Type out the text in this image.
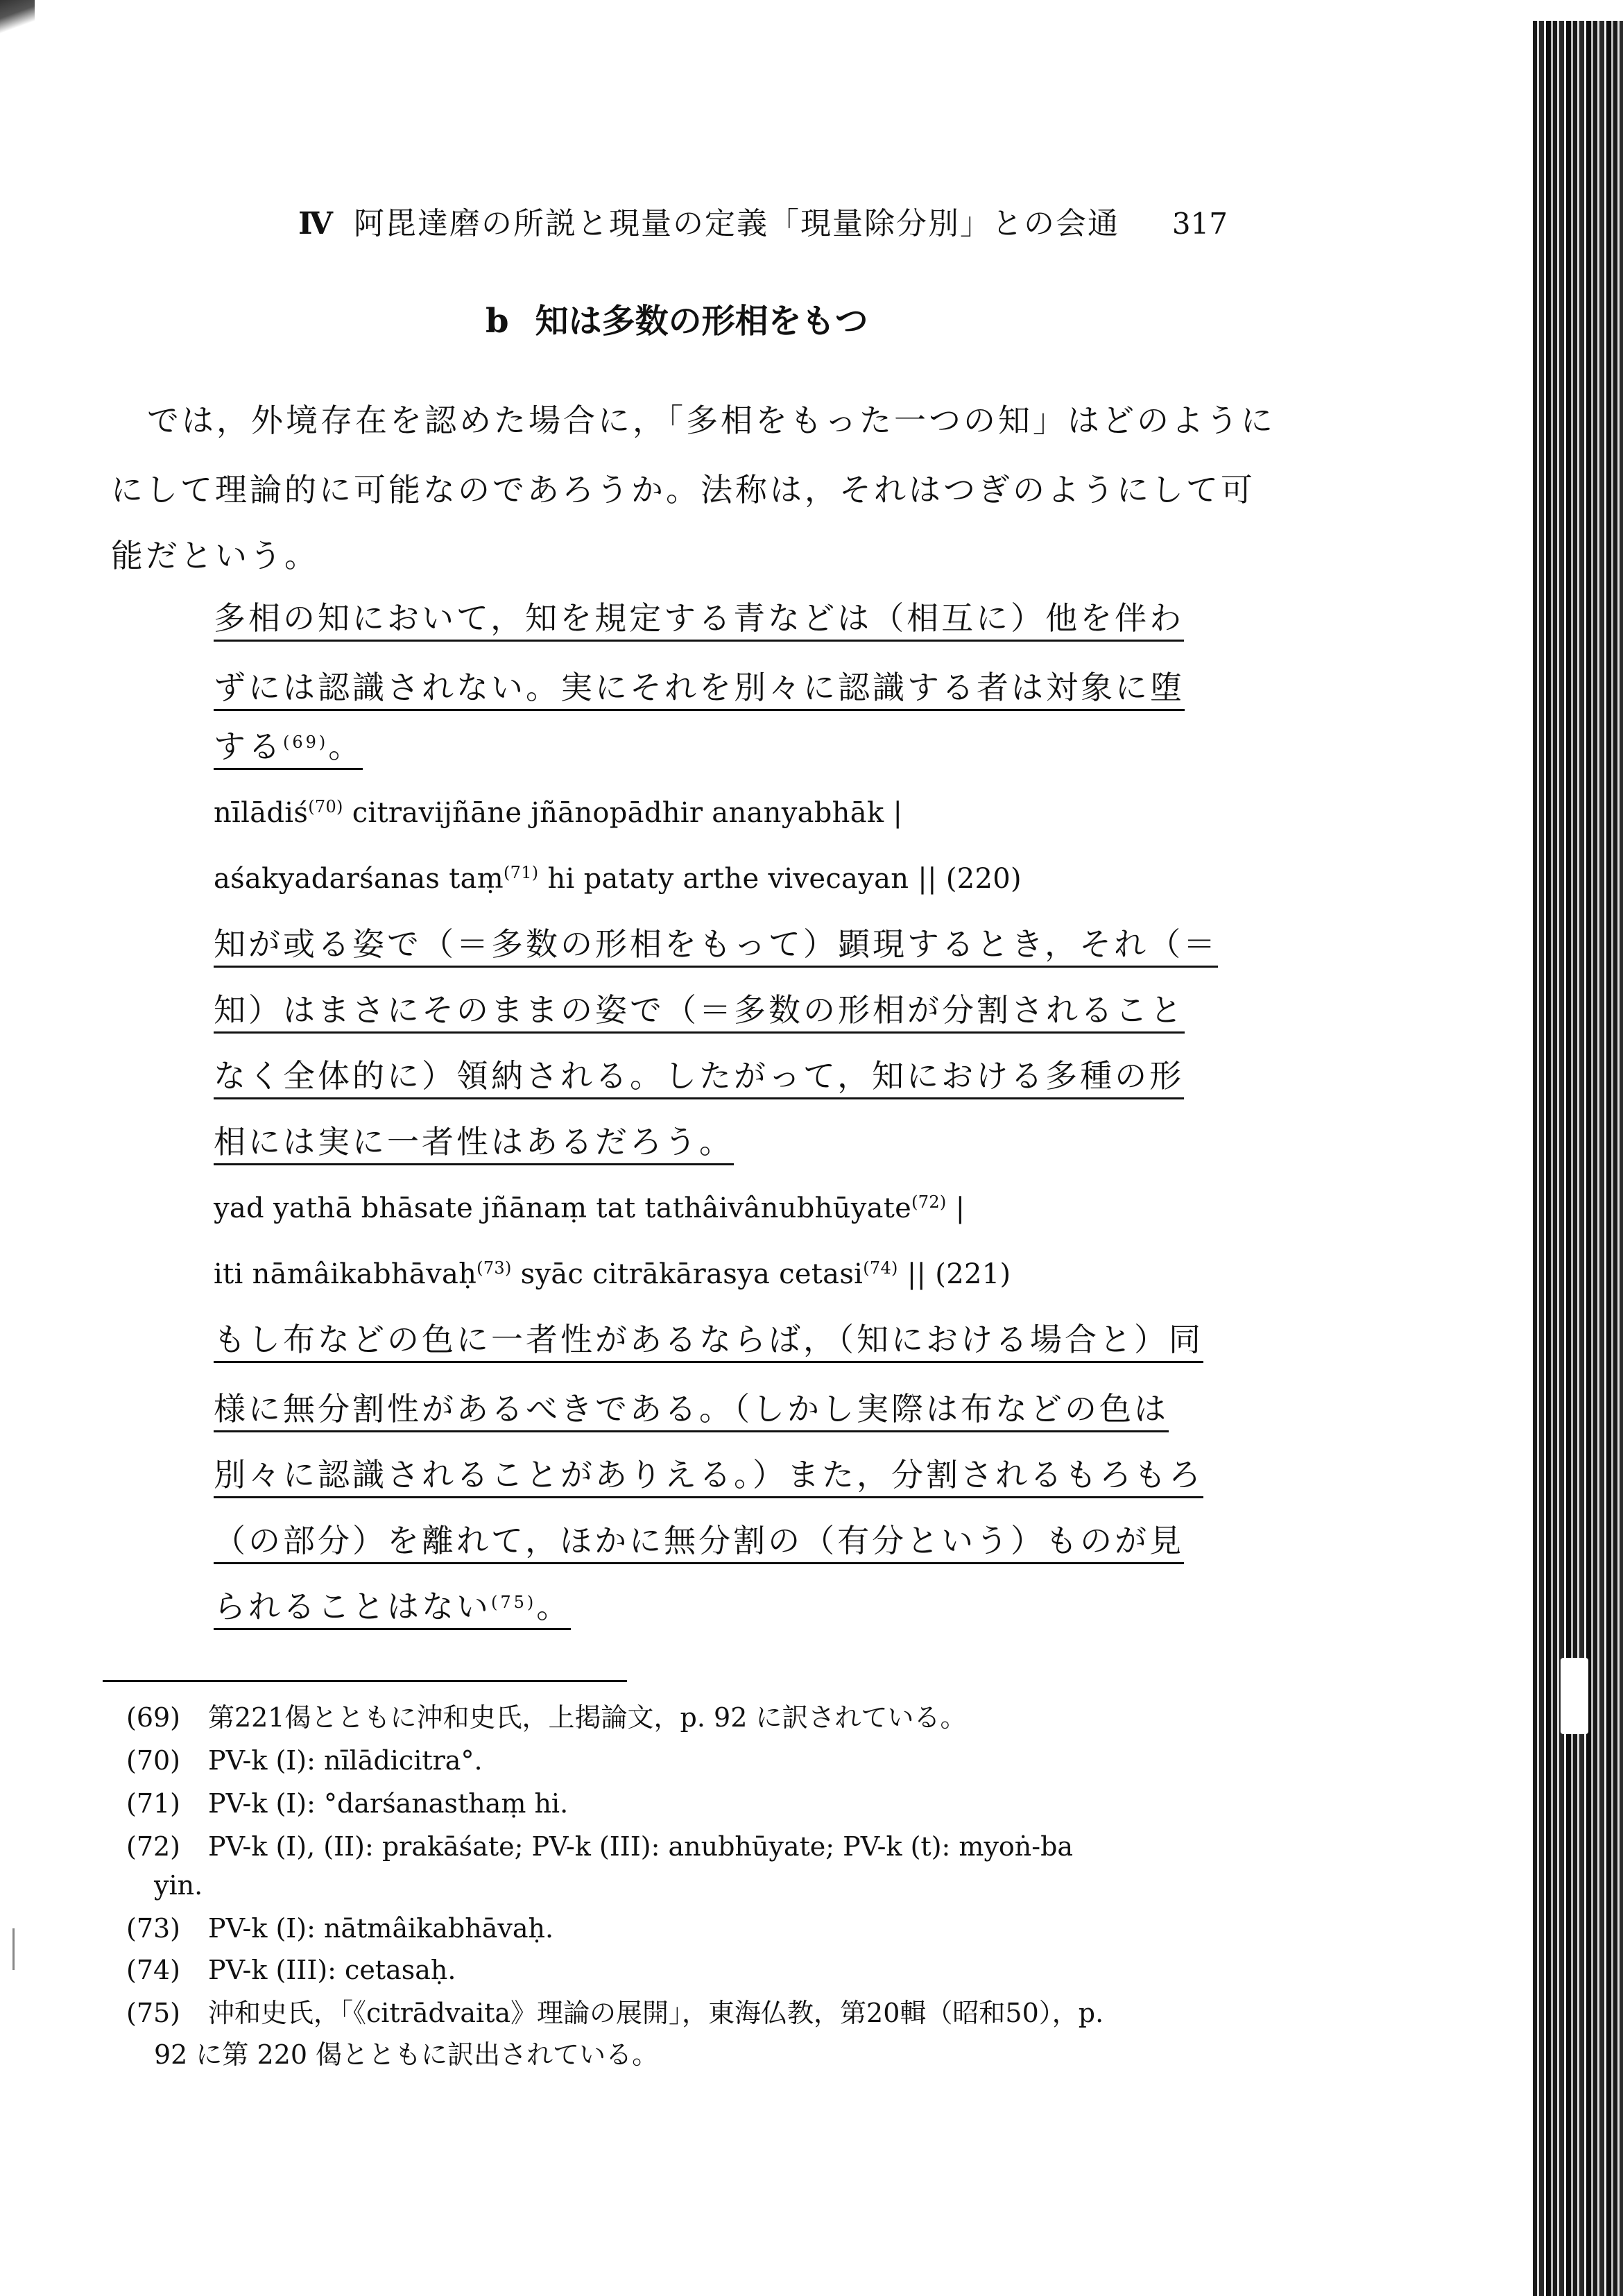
Ⅳ 阿毘達磨の所説と現量の定義「現量除分別」との会通 317
b 知は多数の形相をもつ
では，外境存在を認めた場合に，「多相をもった一つの知」はどのように
にして理論的に可能なのであろうか。法称は，それはつぎのようにして可
能だという。
多相の知において，知を規定する青などは（相互に）他を伴わ
ずには認識されない。実にそれを別々に認識する者は対象に堕
する$^{(69)}$。
nīlādiś$^{(70)}$ citravijñāne jñānopādhir ananyabhāk |
aśakyadarśanas taṃ$^{(71)}$ hi pataty arthe vivecayan || (220)
知が或る姿で（＝多数の形相をもって）顕現するとき，それ（＝
知）はまさにそのままの姿で（＝多数の形相が分割されること
なく全体的に）領納される。したがって，知における多種の形
相には実に一者性はあるだろう。
yad yathā bhāsate jñānaṃ tat tathâivânubhūyate$^{(72)}$ |
iti nāmâikabhāvaḥ$^{(73)}$ syāc citrākārasya cetasi$^{(74)}$ || (221)
もし布などの色に一者性があるならば，（知における場合と）同
様に無分割性があるべきである。（しかし実際は布などの色は
別々に認識されることがありえる。）また，分割されるもろもろ
（の部分）を離れて，ほかに無分割の（有分という）ものが見
られることはない$^{(75)}$。
(69) 第221偈とともに沖和史氏，上掲論文，p. 92 に訳されている。
(70) PV-k (I): nīlādicitra°.
(71) PV-k (I): °darśanasthaṃ hi.
(72) PV-k (I), (II): prakāśate; PV-k (III): anubhūyate; PV-k (t): myoṅ-ba
yin.
(73) PV-k (I): nātmâikabhāvaḥ.
(74) PV-k (III): cetasaḥ.
(75) 沖和史氏，「《citrādvaita》理論の展開」，東海仏教，第20輯（昭和50），p.
92 に第 220 偈とともに訳出されている。
